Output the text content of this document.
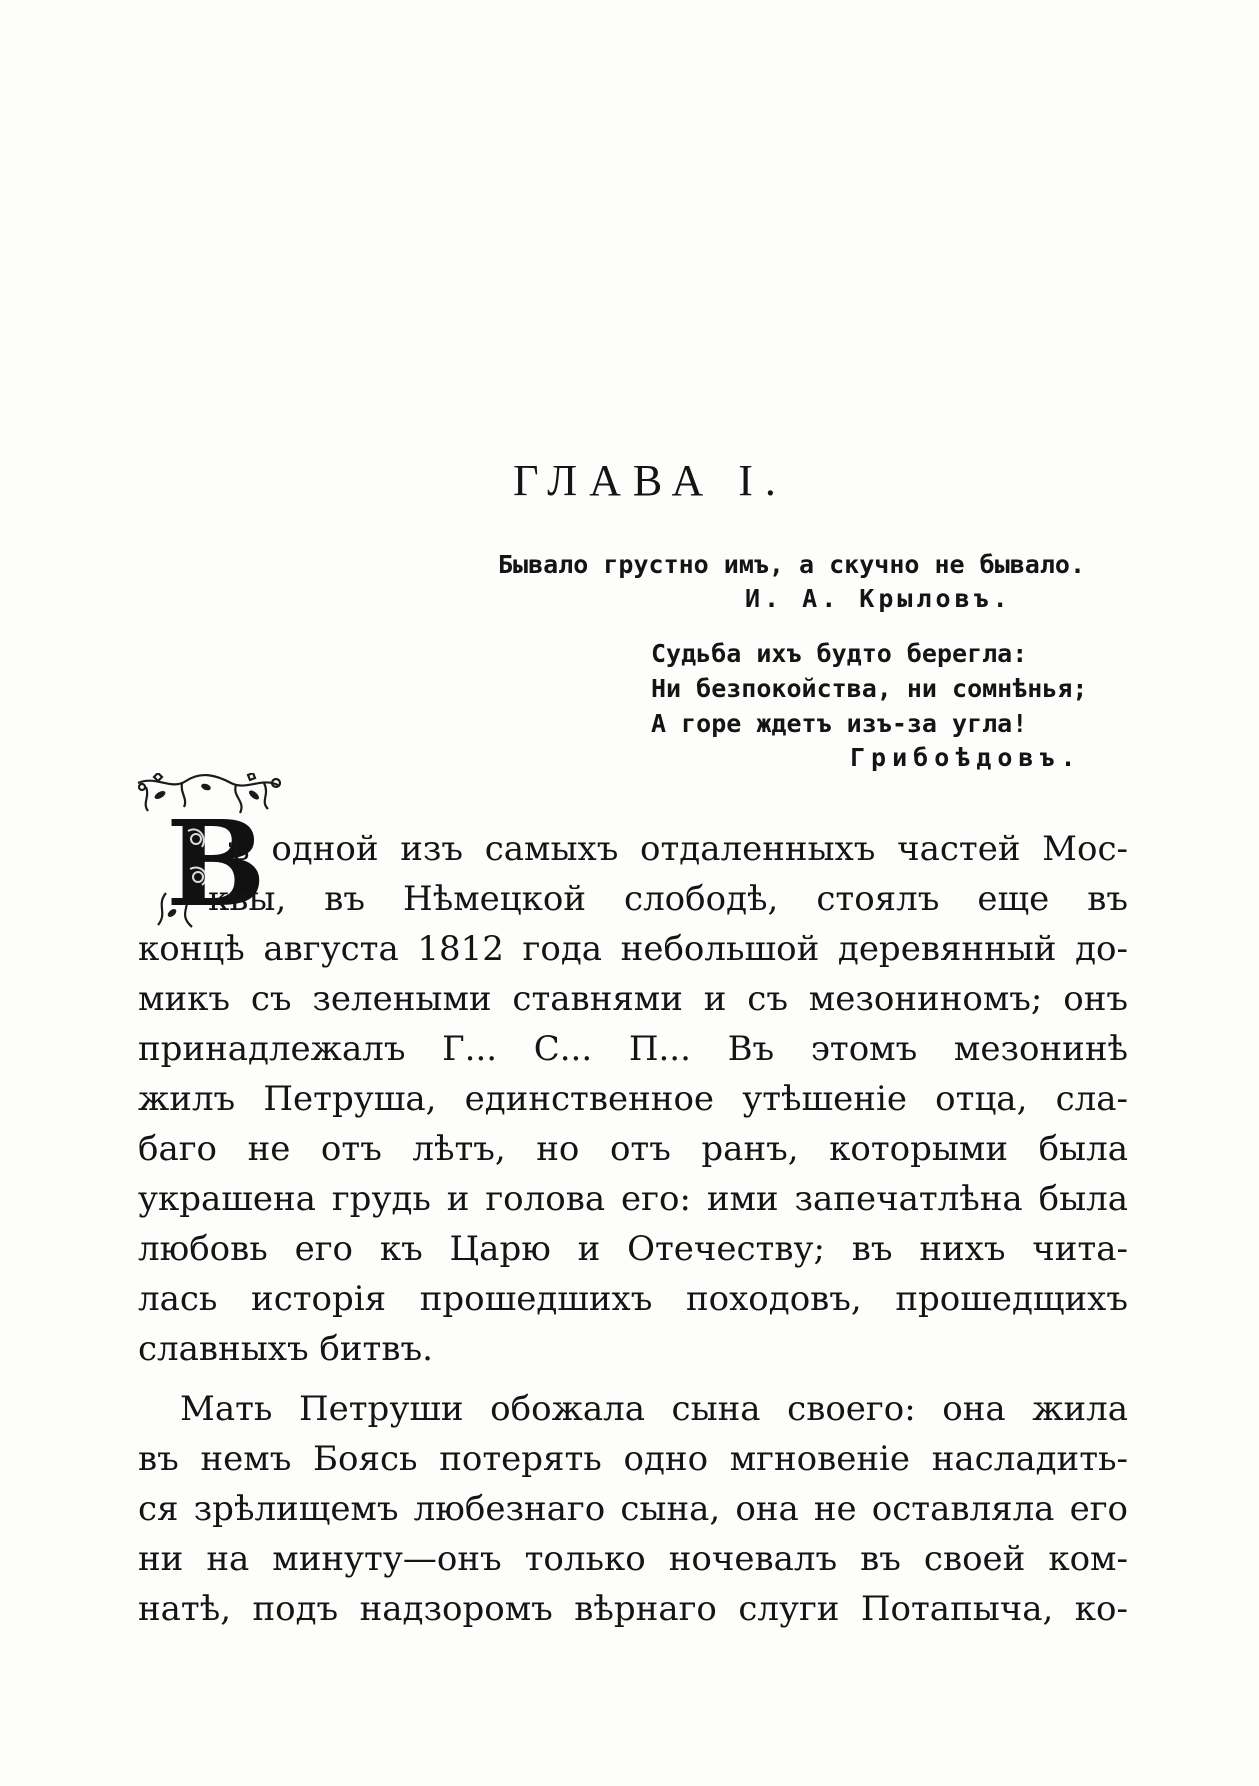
ГЛАВА I.
Бывало грустно имъ, а скучно не бывало.
И. А. Крыловъ.
Судьба ихъ будто берегла:
Ни безпокойства, ни сомнѣнья;
А горе ждетъ изъ-за угла!
Грибоѣдовъ.
В
ъ одной изъ самыхъ отдаленныхъ частей Мос-
квы, въ Нѣмецкой слободѣ, стоялъ еще въ
концѣ августа 1812 года небольшой деревянный до-
микъ съ зелеными ставнями и съ мезониномъ; онъ
принадлежалъ Г... С... П... Въ этомъ мезонинѣ
жилъ Петруша, единственное утѣшеніе отца, сла-
баго не отъ лѣтъ, но отъ ранъ, которыми была
украшена грудь и голова его: ими запечатлѣна была
любовь его къ Царю и Отечеству; въ нихъ чита-
лась исторія прошедшихъ походовъ, прошедщихъ
славныхъ битвъ.
Мать Петруши обожала сына своего: она жила
въ немъ Боясь потерять одно мгновеніе насладить-
ся зрѣлищемъ любезнаго сына, она не оставляла его
ни на минуту—онъ только ночевалъ въ своей ком-
натѣ, подъ надзоромъ вѣрнаго слуги Потапыча, ко-
